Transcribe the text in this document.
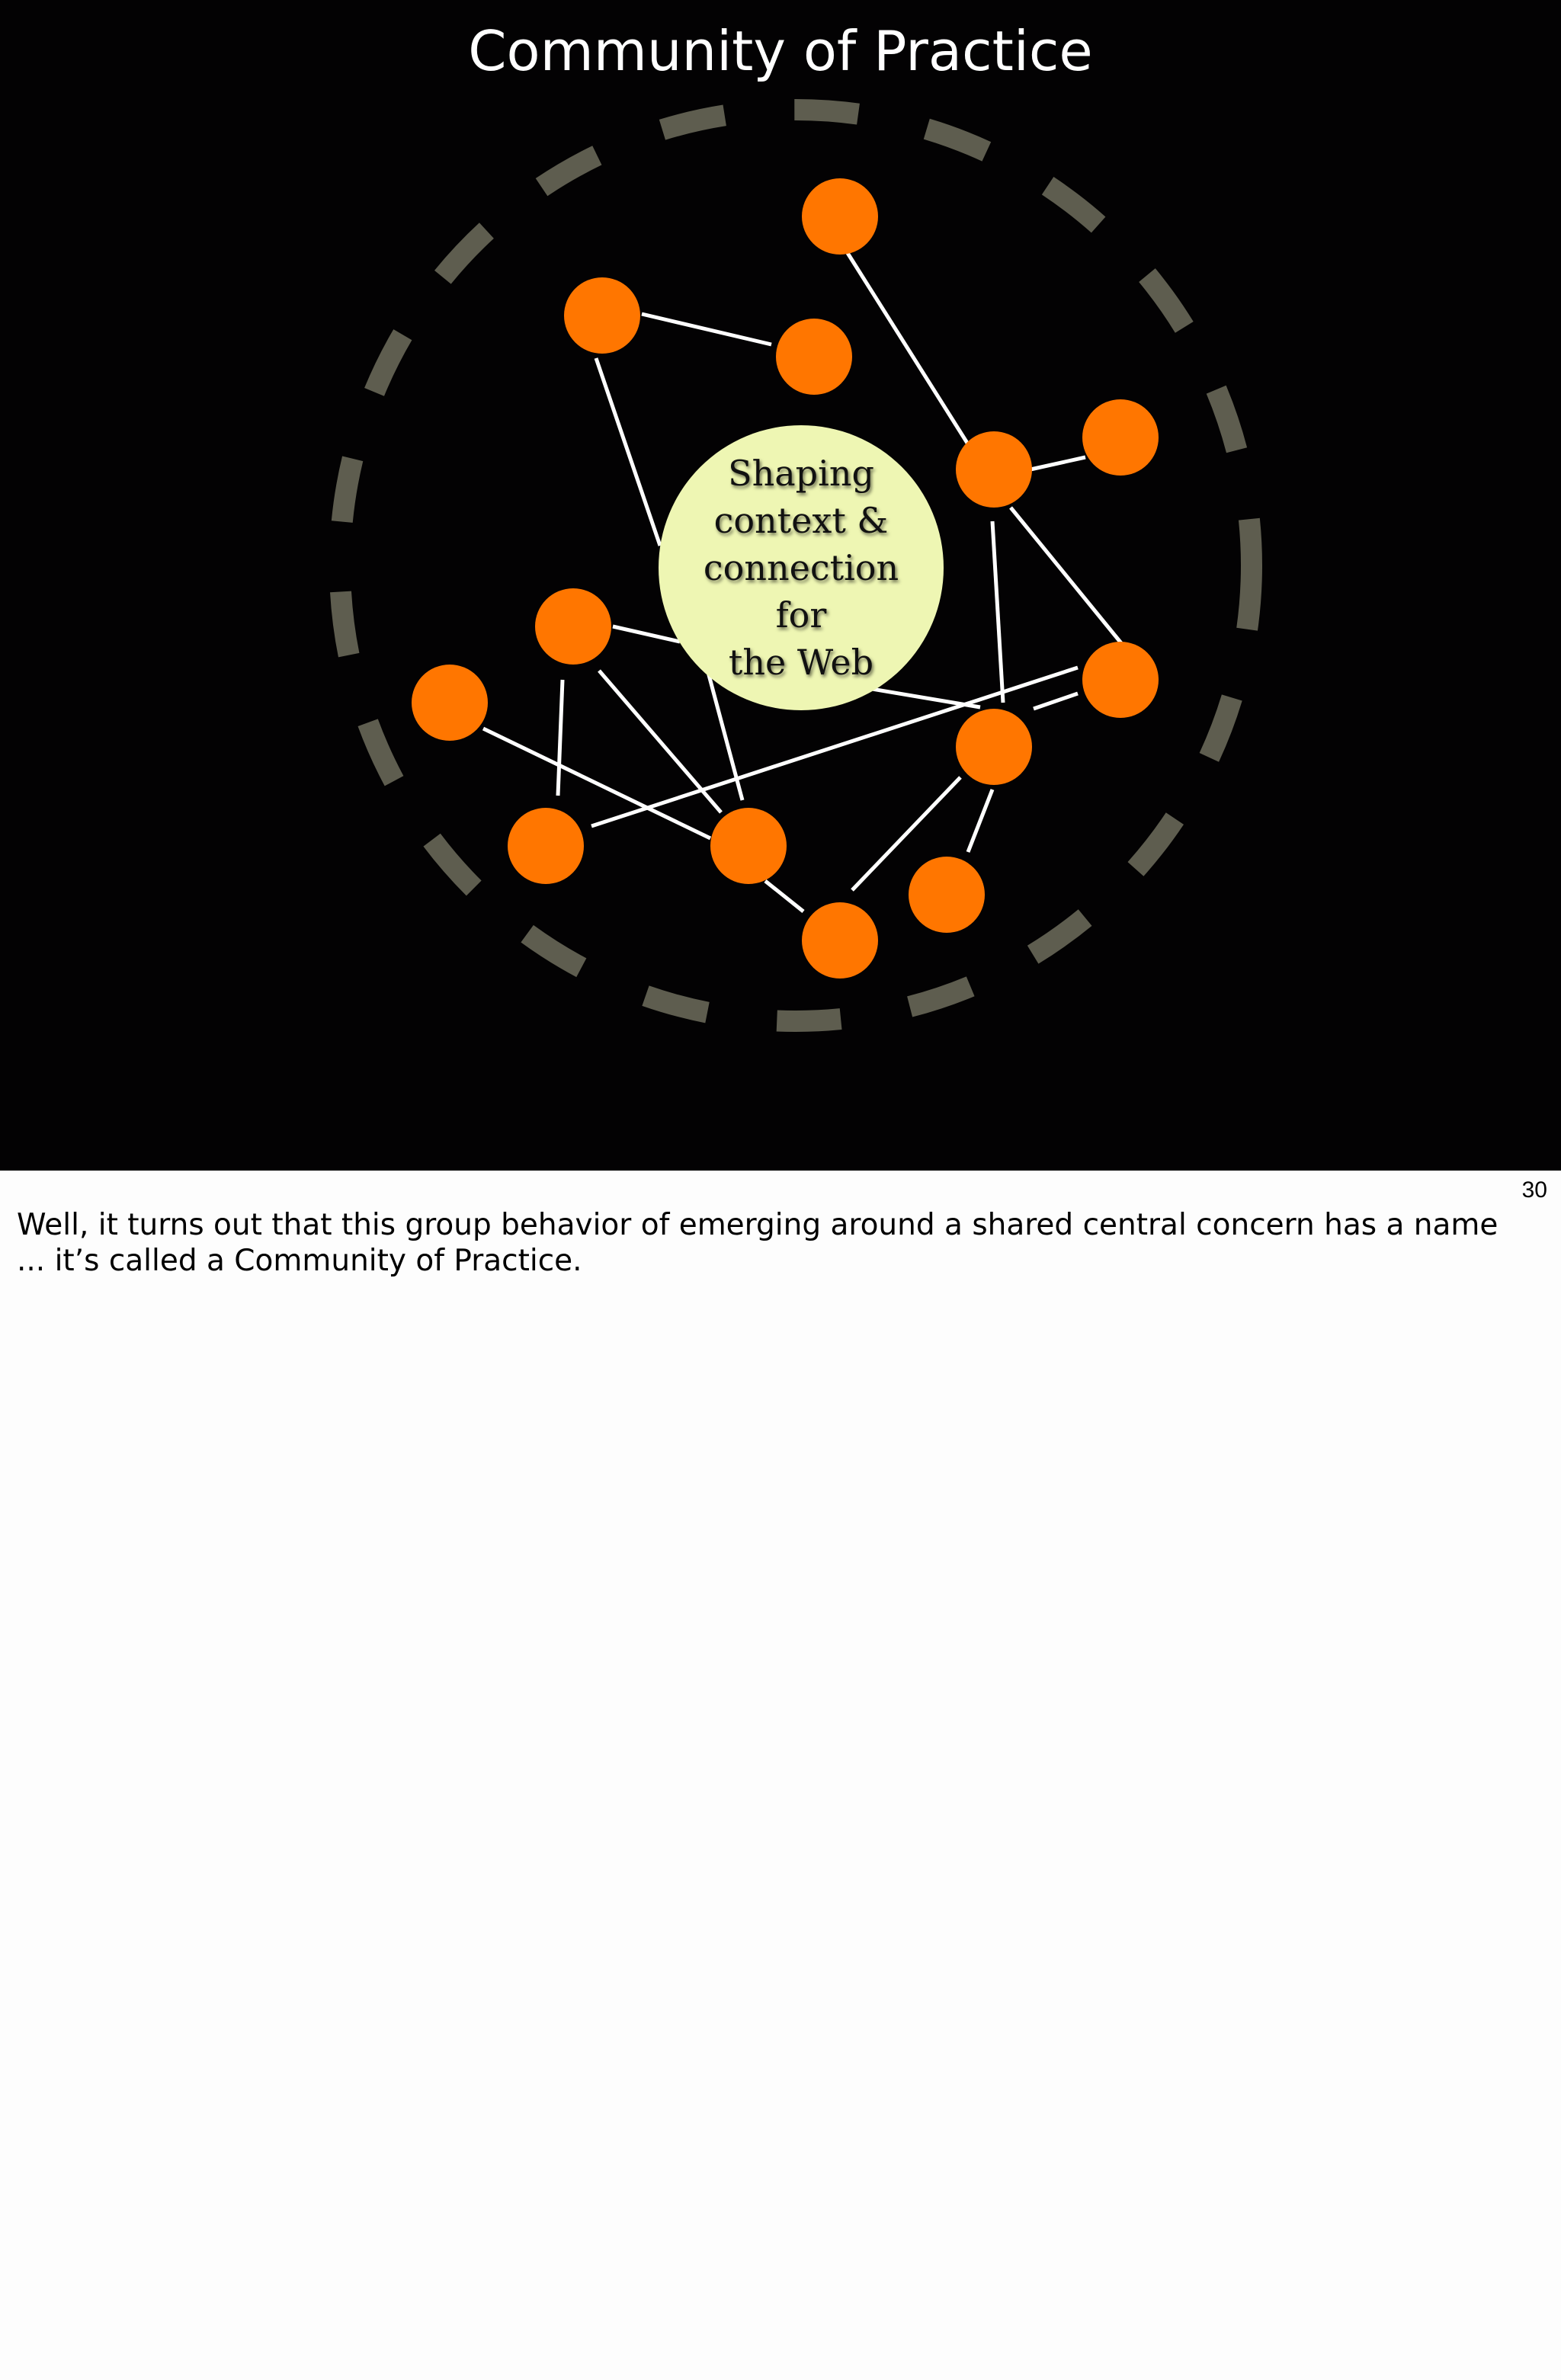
Shaping
context &
connection for
the Web
Community of Practice
30
Well, it turns out that this group behavior of emerging around a shared central concern has a name ... it’s called a Community of Practice.
